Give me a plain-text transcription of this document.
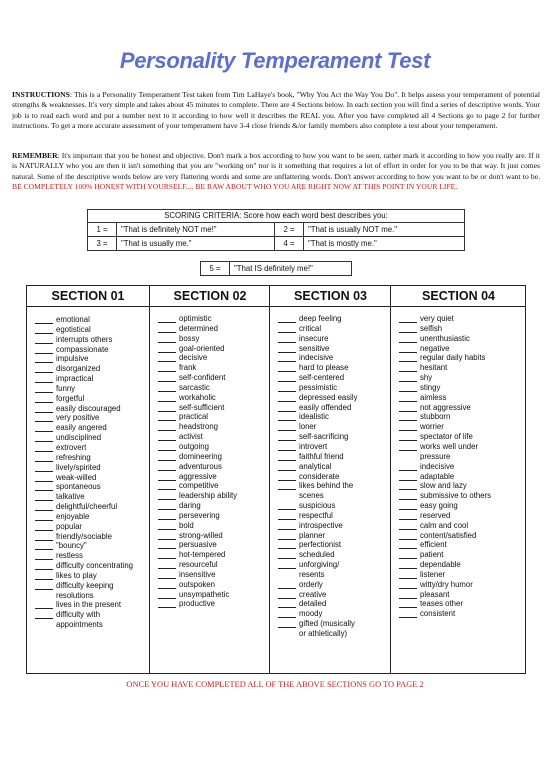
Personality Temperament Test
INSTRUCTIONS: This is a Personality Temperament Test taken from Tim LaHaye's book, "Why You Act the Way You Do". It helps assess your temperament of potential strengths & weaknesses. It's very simple and takes about 45 minutes to complete. There are 4 Sections below. In each section you will find a series of descriptive words. Your job is to read each word and put a number next to it according to how well it describes the REAL you. After you have completed all 4 Sections go to page 2 for further instructions. To get a more accurate assessment of your temperament have 3-4 close friends &/or family members also complete a test about your temperament.
REMEMBER: It's important that you be honest and objective. Don't mark a box according to how you want to be seen, rather mark it according to how you really are. If it is NATURALLY who you are then it isn't something that you are "working on" nor is it something that requires a lot of effort in order for you to be that way. It just comes natural. Some of the descriptive words below are very flattering words and some are unflattering words. Don't answer according to how you want to be or don't want to be. BE COMPLETELY 100% HONEST WITH YOURSELF.... BE RAW ABOUT WHO YOU ARE RIGHT NOW AT THIS POINT IN YOUR LIFE.
SCORING CRITERIA: Score how each word best describes you:
1 =	"That is definitely NOT me!"	2 =	"That is usually NOT me."
3 =	"That is usually me."	4 =	"That is mostly me."
5 =	"That IS definitely me!"
SECTION 01
emotional
egotistical
interrupts others
compassionate
impulsive
disorganized
impractical
funny
forgetful
easily discouraged
very positive
easily angered
undisciplined
extrovert
refreshing
lively/spirited
weak-willed
spontaneous
talkative
delightful/cheerful
enjoyable
popular
friendly/sociable
"bouncy"
restless
difficulty concentrating
likes to play
difficulty keeping
resolutions
lives in the present
difficulty with
appointments
SECTION 02
optimistic
determined
bossy
goal-oriented
decisive
frank
self-confident
sarcastic
workaholic
self-sufficient
practical
headstrong
activist
outgoing
domineering
adventurous
aggressive
competitive
leadership ability
daring
persevering
bold
strong-willed
persuasive
hot-tempered
resourceful
insensitive
outspoken
unsympathetic
productive
SECTION 03
deep feeling
critical
insecure
sensitive
indecisive
hard to please
self-centered
pessimistic
depressed easily
easily offended
idealistic
loner
self-sacrificing
introvert
faithful friend
analytical
considerate
likes behind the
scenes
suspicious
respectful
introspective
planner
perfectionist
scheduled
unforgiving/
resents
orderly
creative
detailed
moody
gifted (musically
or athletically)
SECTION 04
very quiet
selfish
unenthusiastic
negative
regular daily habits
hesitant
shy
stingy
aimless
not aggressive
stubborn
worrier
spectator of life
works well under
pressure
indecisive
adaptable
slow and lazy
submissive to others
easy going
reserved
calm and cool
content/satisfied
efficient
patient
dependable
listener
witty/dry humor
pleasant
teases other
consistent
ONCE YOU HAVE COMPLETED ALL OF THE ABOVE SECTIONS GO TO PAGE 2
